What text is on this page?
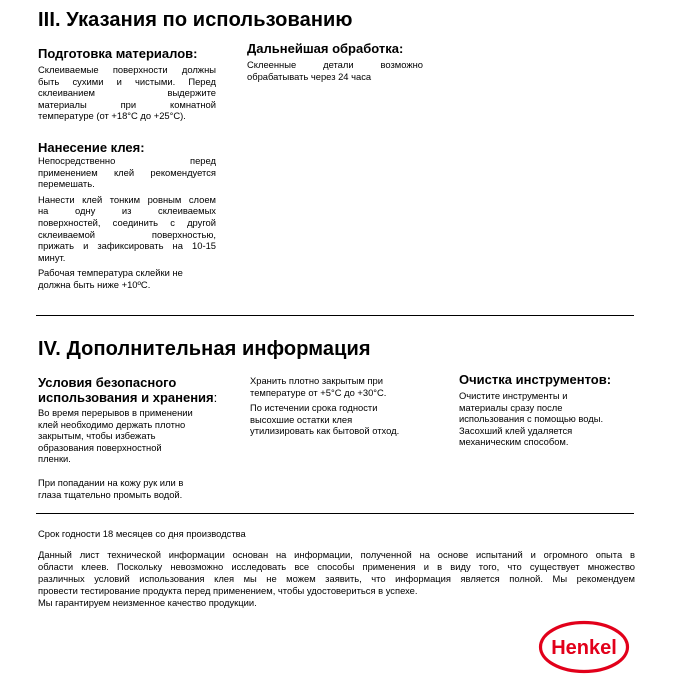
III. Указания по использованию
Подготовка материалов:
Склеиваемые поверхности должны
быть сухими и чистыми. Перед
склеиванием выдержите
материалы при комнатной
температуре (от +18°C до +25°C).
Нанесение клея:
Непосредственно перед
применением клей рекомендуется
перемешать.
Нанести клей тонким ровным слоем
на одну из склеиваемых
поверхностей, соединить с другой
склеиваемой поверхностью,
прижать и зафиксировать на 10-15
минут.
Рабочая температура склейки не
должна быть ниже +10ºC.
Дальнейшая обработка:
Склеенные детали возможно
обрабатывать через 24 часа
IV. Дополнительная информация
Условия безопасного
использования и хранения:
Во время перерывов в применении
клей необходимо держать плотно
закрытым, чтобы избежать
образования поверхностной
пленки.
При попадании на кожу рук или в
глаза тщательно промыть водой.
Хранить плотно закрытым при
температуре от +5°C до +30°C.
По истечении срока годности
высохшие остатки клея
утилизировать как бытовой отход.
Очистка инструментов:
Очистите инструменты и
материалы сразу после
использования с помощью воды.
Засохший клей удаляется
механическим способом.
Срок годности 18 месяцев со дня производства
Данный лист технической информации основан на информации, полученной на основе испытаний и огромного опыта в
области клеев. Поскольку невозможно исследовать все способы применения и в виду того, что существует множество
различных условий использования клея мы не можем заявить, что информация является полной. Мы рекомендуем
провести тестирование продукта перед применением, чтобы удостовериться в успехе.
Мы гарантируем неизменное качество продукции.
Henkel
